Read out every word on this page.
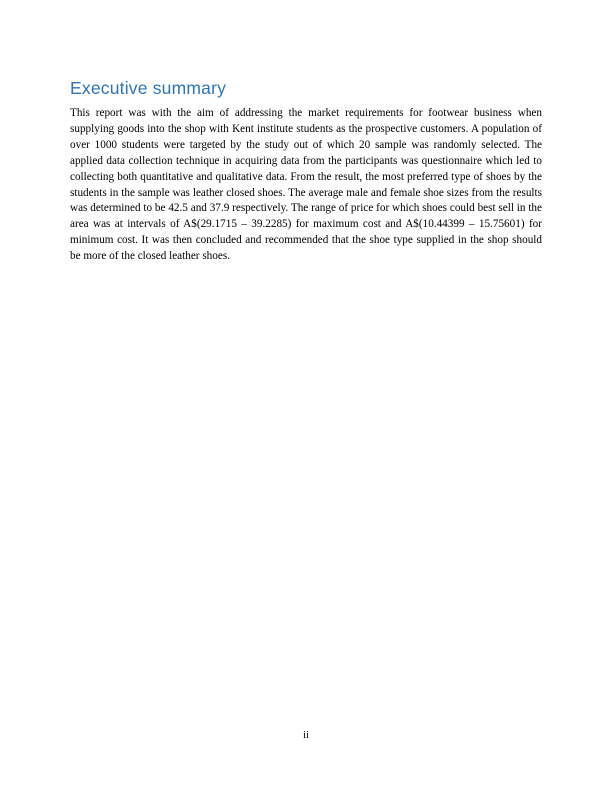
Executive summary

This report was with the aim of addressing the market requirements for footwear business when supplying goods into the shop with Kent institute students as the prospective customers. A population of over 1000 students were targeted by the study out of which 20 sample was randomly selected. The applied data collection technique in acquiring data from the participants was questionnaire which led to collecting both quantitative and qualitative data. From the result, the most preferred type of shoes by the students in the sample was leather closed shoes. The average male and female shoe sizes from the results was determined to be 42.5 and 37.9 respectively. The range of price for which shoes could best sell in the area was at intervals of A$(29.1715 – 39.2285) for maximum cost and A$(10.44399 – 15.75601) for minimum cost. It was then concluded and recommended that the shoe type supplied in the shop should be more of the closed leather shoes.

ii
